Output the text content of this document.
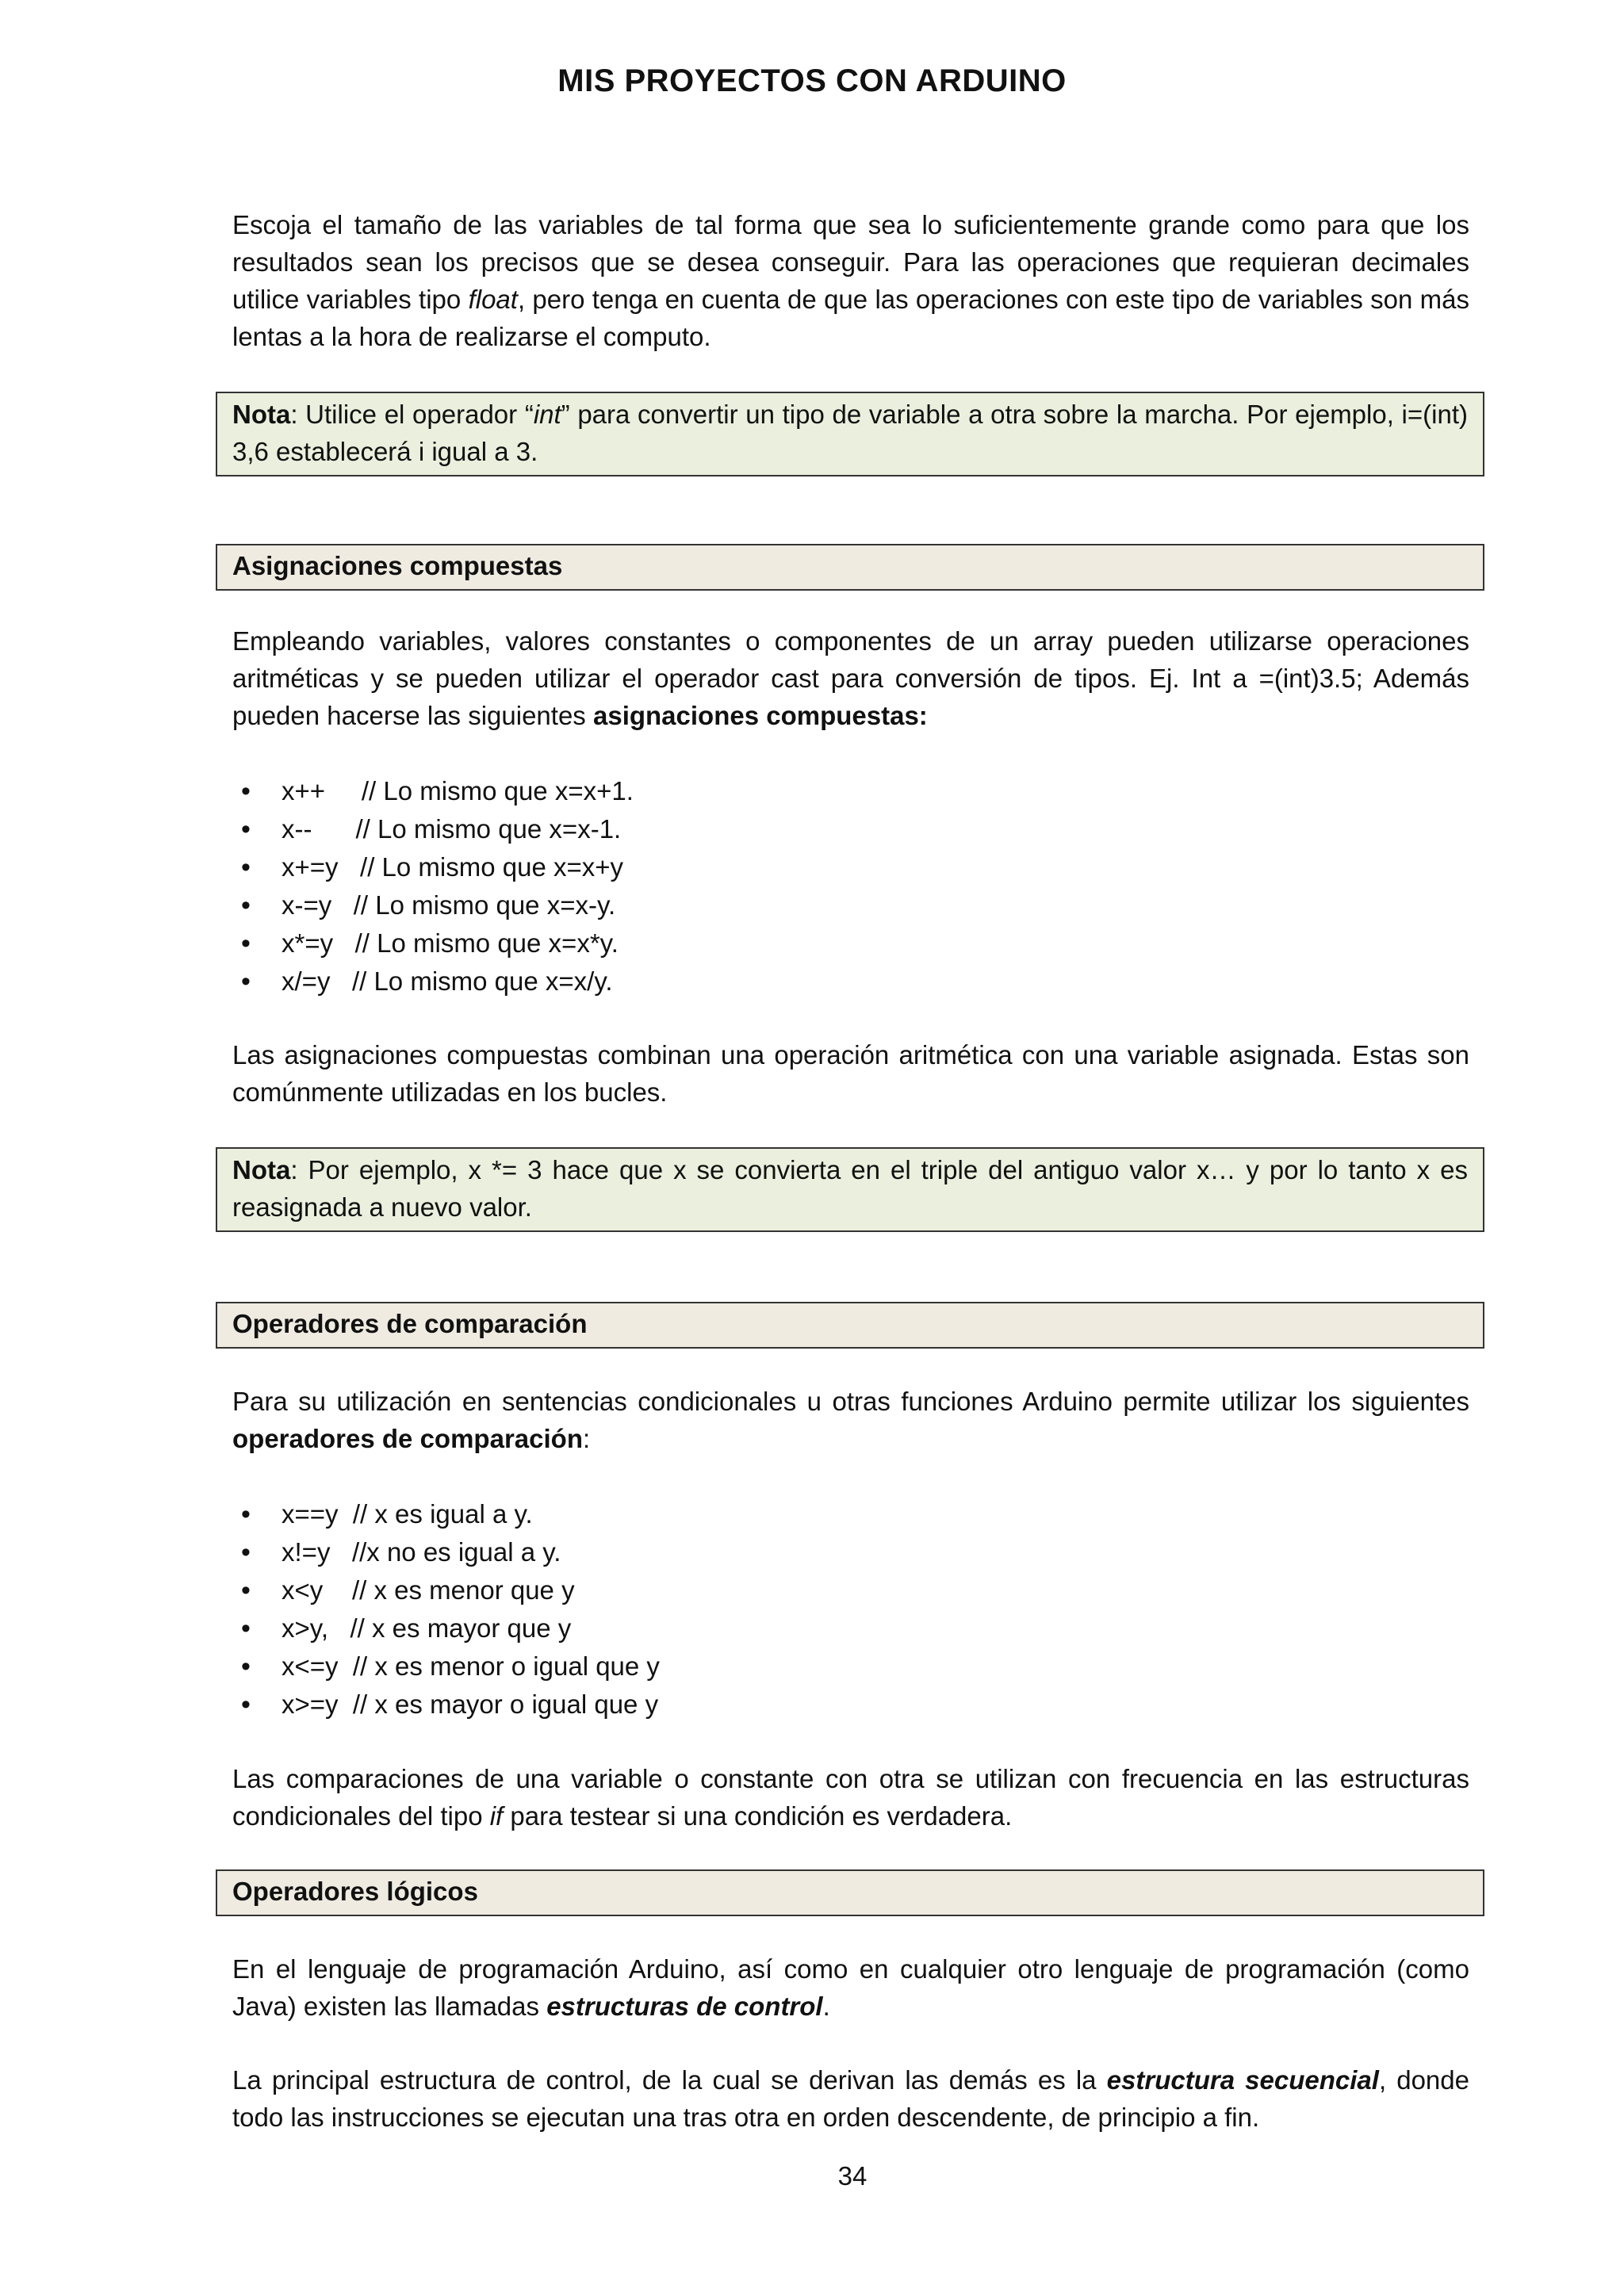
MIS PROYECTOS CON ARDUINO

Escoja el tamaño de las variables de tal forma que sea lo suficientemente grande como para que los resultados sean los precisos que se desea conseguir. Para las operaciones que requieran decimales utilice variables tipo float, pero tenga en cuenta de que las operaciones con este tipo de variables son más lentas a la hora de realizarse el computo.

Nota: Utilice el operador “int” para convertir un tipo de variable a otra sobre la marcha. Por ejemplo, i=(int) 3,6 establecerá i igual a 3.
Asignaciones compuestas

Empleando variables, valores constantes o componentes de un array pueden utilizarse operaciones aritméticas y se pueden utilizar el operador cast para conversión de tipos. Ej. Int a =(int)3.5; Además pueden hacerse las siguientes asignaciones compuestas:

• x++     // Lo mismo que x=x+1.
• x--      // Lo mismo que x=x-1.
• x+=y   // Lo mismo que x=x+y
• x-=y   // Lo mismo que x=x-y.
• x*=y   // Lo mismo que x=x*y.
• x/=y   // Lo mismo que x=x/y.

Las asignaciones compuestas combinan una operación aritmética con una variable asignada. Estas son comúnmente utilizadas en los bucles.

Nota: Por ejemplo, x *= 3 hace que x se convierta en el triple del antiguo valor x… y por lo tanto x es reasignada a nuevo valor.
Operadores de comparación

Para su utilización en sentencias condicionales u otras funciones Arduino permite utilizar los siguientes operadores de comparación:

• x==y  // x es igual a y.
• x!=y   //x no es igual a y.
• x<y    // x es menor que y
• x>y,   // x es mayor que y
• x<=y  // x es menor o igual que y
• x>=y  // x es mayor o igual que y

Las comparaciones de una variable o constante con otra se utilizan con frecuencia en las estructuras condicionales del tipo if para testear si una condición es verdadera.

Operadores lógicos

En el lenguaje de programación Arduino, así como en cualquier otro lenguaje de programación (como Java) existen las llamadas estructuras de control.

La principal estructura de control, de la cual se derivan las demás es la estructura secuencial, donde todo las instrucciones se ejecutan una tras otra en orden descendente, de principio a fin.

34
